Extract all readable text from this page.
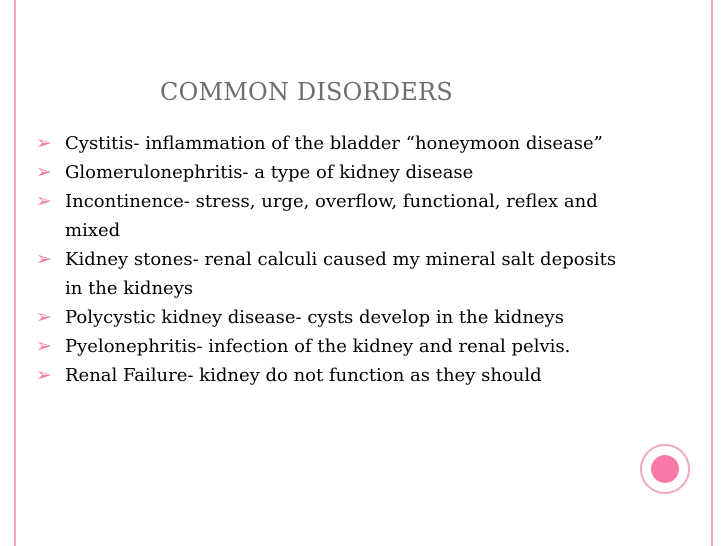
COMMON DISORDERS
➢ Cystitis- inflammation of the bladder “honeymoon disease”
➢ Glomerulonephritis- a type of kidney disease
➢ Incontinence- stress, urge, overflow, functional, reflex and mixed
➢ Kidney stones- renal calculi caused my mineral salt deposits in the kidneys
➢ Polycystic kidney disease- cysts develop in the kidneys
➢ Pyelonephritis- infection of the kidney and renal pelvis.
➢ Renal Failure- kidney do not function as they should
